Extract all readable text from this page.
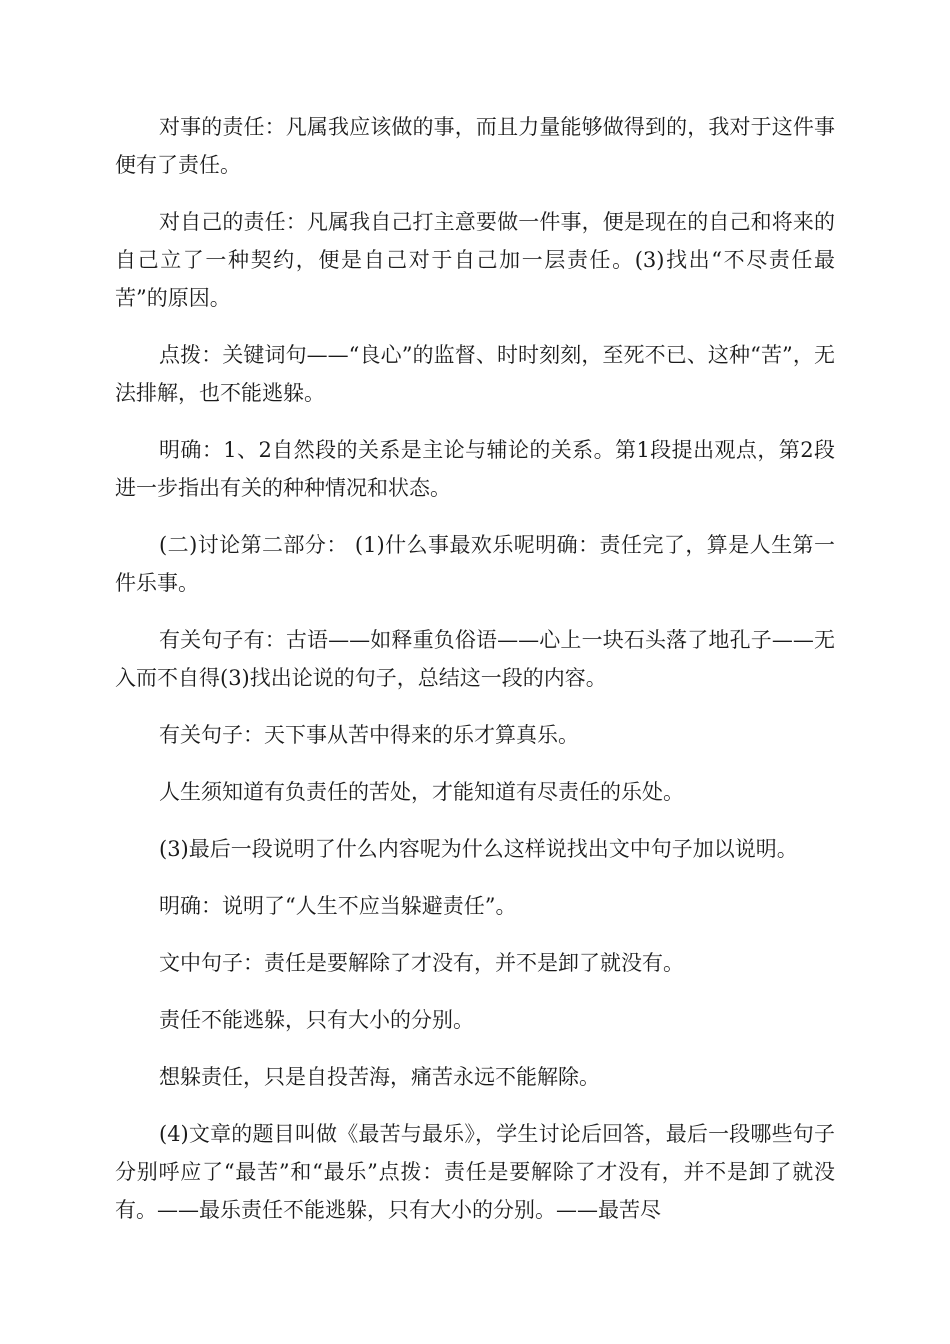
对事的责任：凡属我应该做的事，而且力量能够做得到的，我对于这件事便有了责任。

对自己的责任：凡属我自己打主意要做一件事，便是现在的自己和将来的自己立了一种契约，便是自己对于自己加一层责任。(3)找出“不尽责任最苦”的原因。

点拨：关键词句——“良心”的监督、时时刻刻，至死不已、这种“苦”，无法排解，也不能逃躲。

明确：1、2自然段的关系是主论与辅论的关系。第1段提出观点，第2段进一步指出有关的种种情况和状态。

(二)讨论第二部分： (1)什么事最欢乐呢明确：责任完了，算是人生第一件乐事。

有关句子有：古语——如释重负俗语——心上一块石头落了地孔子——无入而不自得(3)找出论说的句子，总结这一段的内容。

有关句子：天下事从苦中得来的乐才算真乐。

人生须知道有负责任的苦处，才能知道有尽责任的乐处。

(3)最后一段说明了什么内容呢为什么这样说找出文中句子加以说明。

明确：说明了“人生不应当躲避责任”。

文中句子：责任是要解除了才没有，并不是卸了就没有。

责任不能逃躲，只有大小的分别。

想躲责任，只是自投苦海，痛苦永远不能解除。

(4)文章的题目叫做《最苦与最乐》，学生讨论后回答，最后一段哪些句子分别呼应了“最苦”和“最乐”点拨：责任是要解除了才没有，并不是卸了就没有。——最乐责任不能逃躲，只有大小的分别。——最苦尽
